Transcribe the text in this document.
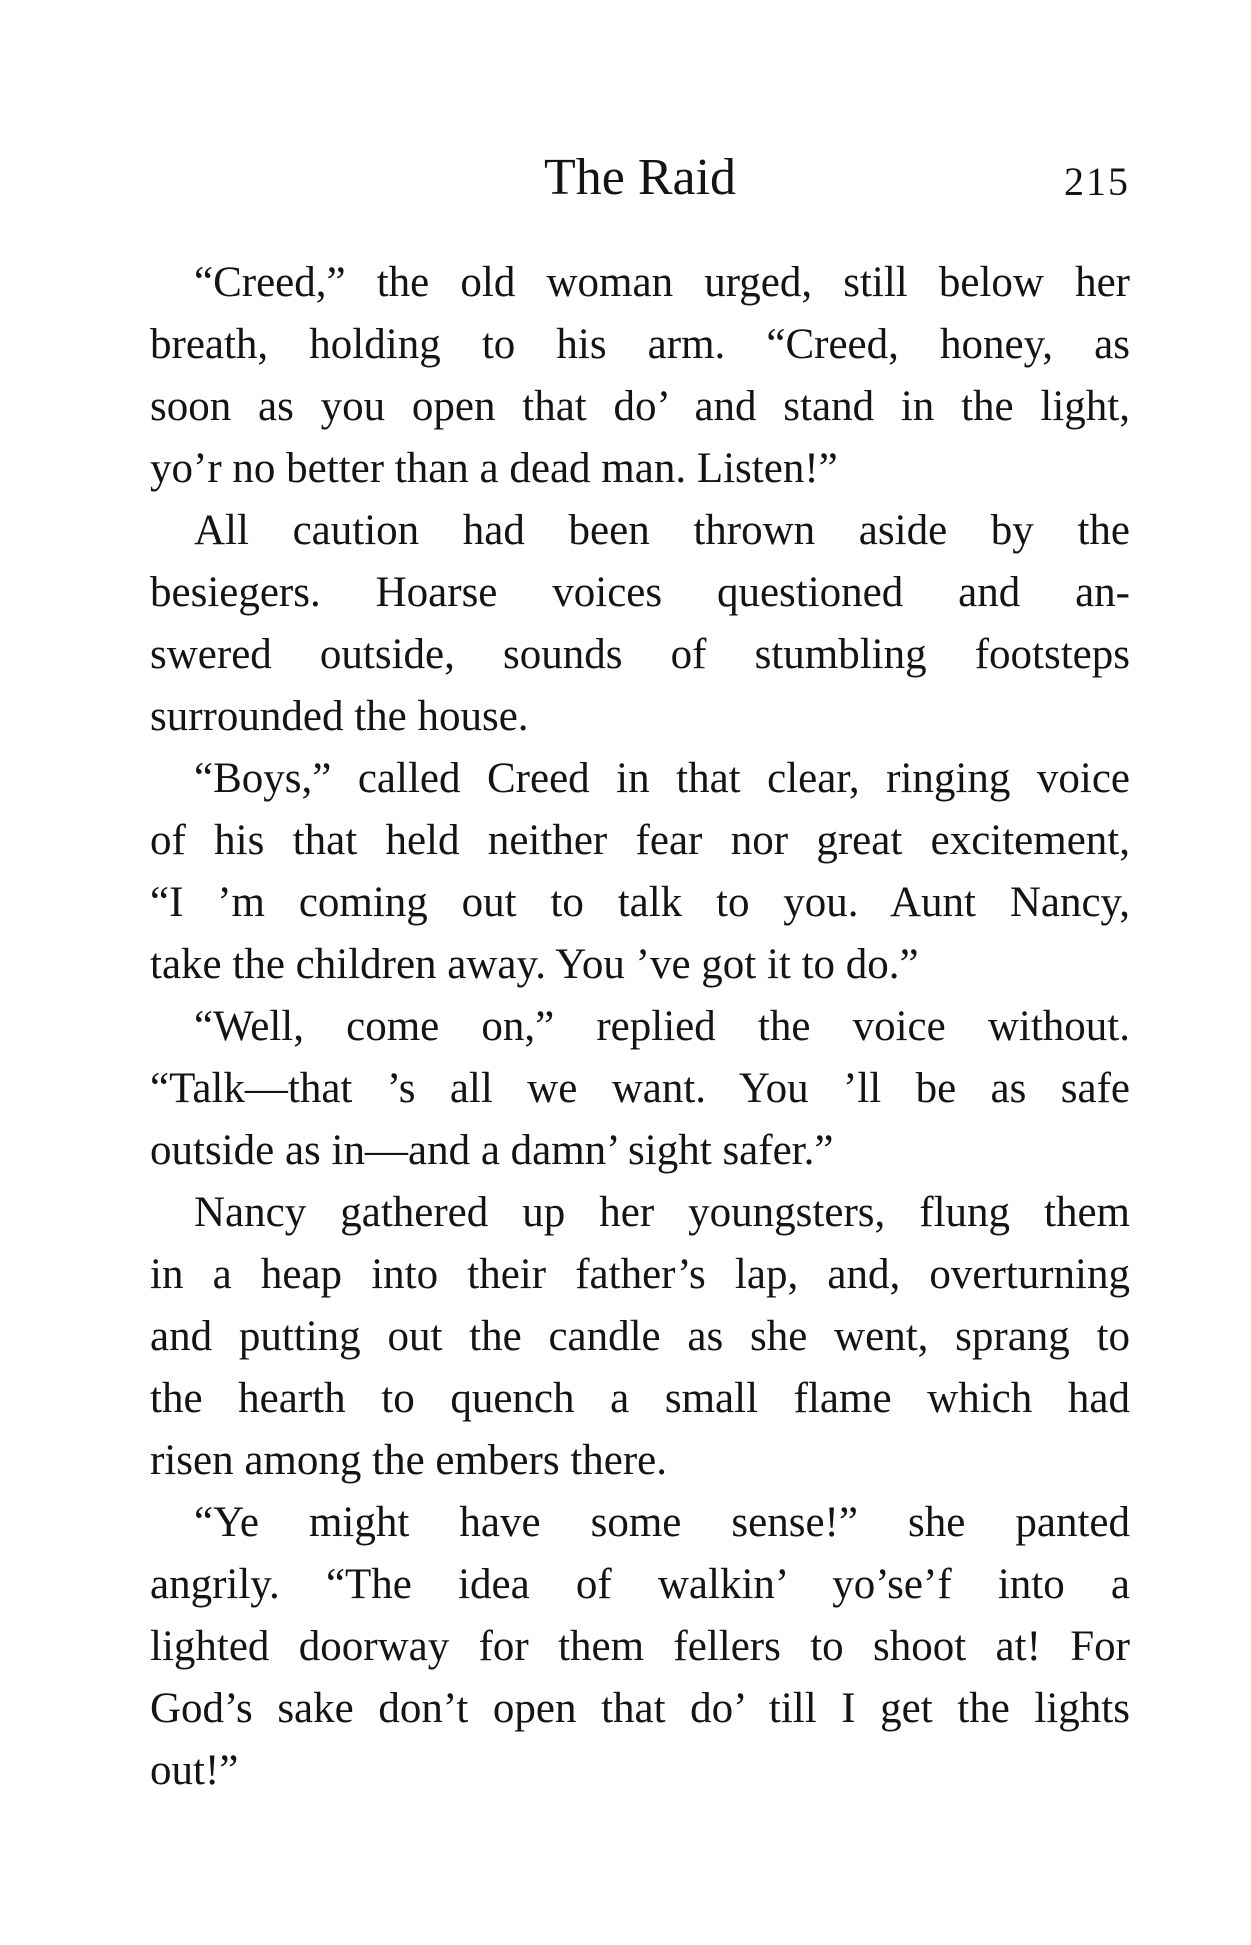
The Raid	215
“Creed,” the old woman urged, still below her
breath, holding to his arm. “Creed, honey, as
soon as you open that do’ and stand in the light,
yo’r no better than a dead man. Listen!”
All caution had been thrown aside by the
besiegers. Hoarse voices questioned and an-
swered outside, sounds of stumbling footsteps
surrounded the house.
“Boys,” called Creed in that clear, ringing voice
of his that held neither fear nor great excitement,
“I ’m coming out to talk to you. Aunt Nancy,
take the children away. You ’ve got it to do.”
“Well, come on,” replied the voice without.
“Talk—that ’s all we want. You ’ll be as safe
outside as in—and a damn’ sight safer.”
Nancy gathered up her youngsters, flung them
in a heap into their father’s lap, and, overturning
and putting out the candle as she went, sprang to
the hearth to quench a small flame which had
risen among the embers there.
“Ye might have some sense!” she panted
angrily. “The idea of walkin’ yo’se’f into a
lighted doorway for them fellers to shoot at! For
God’s sake don’t open that do’ till I get the lights
out!”
